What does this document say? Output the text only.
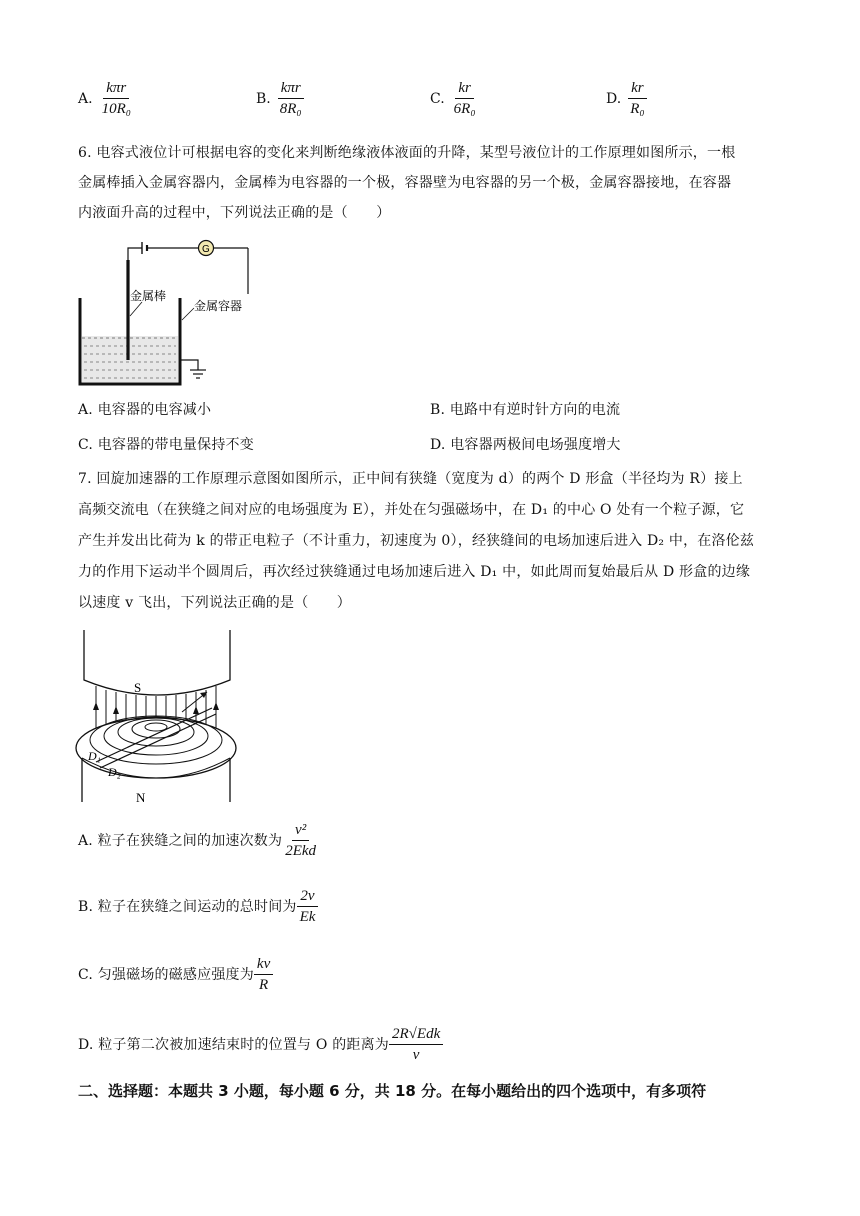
A. $\frac{\text{kπr}}{\text{10R₀}}$	B. $\frac{\text{kπr}}{\text{8R₀}}$	C. $\frac{kr}{\text{6R₀}}$	D. $\frac{kr}{\text{R₀}}$
6. 电容式液位计可根据电容的变化来判断绝缘液体液面的升降，某型号液位计的工作原理如图所示，一根
金属棒插入金属容器内，金属棒为电容器的一个极，容器壁为电容器的另一个极，金属容器接地，在容器
内液面升高的过程中，下列说法正确的是（　　）
G
金属棒
金属容器
A. 电容器的电容减小	B. 电路中有逆时针方向的电流
C. 电容器的带电量保持不变	D. 电容器两极间电场强度增大
7. 回旋加速器的工作原理示意图如图所示，正中间有狭缝（宽度为 d）的两个 D 形盒（半径均为 R）接上
高频交流电（在狭缝之间对应的电场强度为 E），并处在匀强磁场中，在 D₁ 的中心 O 处有一个粒子源，它
产生并发出比荷为 k 的带正电粒子（不计重力，初速度为 0），经狭缝间的电场加速后进入 D₂ 中，在洛伦兹
力的作用下运动半个圆周后，再次经过狭缝通过电场加速后进入 D₁ 中，如此周而复始最后从 D 形盒的边缘
以速度 v 飞出，下列说法正确的是（　　）
S
D₁
D₂
N
A. 粒子在狭缝之间的加速次数为 $\frac{\text{v²}}{\text{2Ekd}}$
B. 粒子在狭缝之间运动的总时间为 $\frac{2v}{Ek}$
C. 匀强磁场的磁感应强度为 $\frac{kv}{R}$
D. 粒子第二次被加速结束时的位置与 O 的距离为 $\frac{\text{2R√Edk}}{v}$
二、选择题：本题共 3 小题，每小题 6 分，共 18 分。在每小题给出的四个选项中，有多项符
